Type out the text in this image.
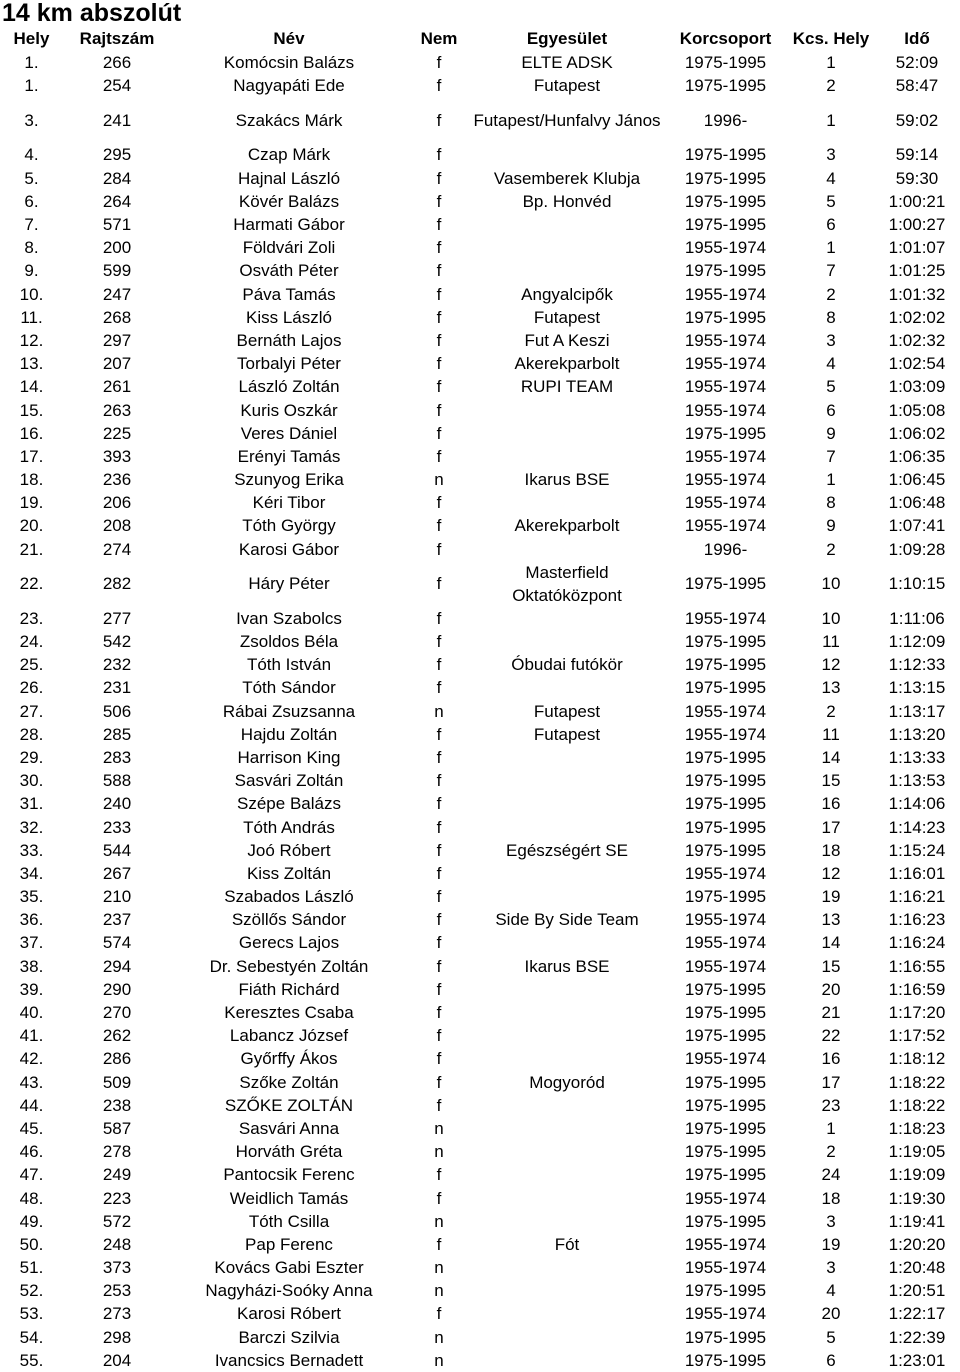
14 km abszolút
Hely	Rajtszám	Név	Nem	Egyesület	Korcsoport	Kcs. Hely	Idő
1.	266	Komócsin Balázs	f	ELTE ADSK	1975-1995	1	52:09
1.	254	Nagyapáti Ede	f	Futapest	1975-1995	2	58:47
3.	241	Szakács Márk	f	Futapest/Hunfalvy János	1996-	1	59:02
4.	295	Czap Márk	f		1975-1995	3	59:14
5.	284	Hajnal László	f	Vasemberek Klubja	1975-1995	4	59:30
6.	264	Kövér Balázs	f	Bp. Honvéd	1975-1995	5	1:00:21
7.	571	Harmati Gábor	f		1975-1995	6	1:00:27
8.	200	Földvári Zoli	f		1955-1974	1	1:01:07
9.	599	Osváth Péter	f		1975-1995	7	1:01:25
10.	247	Páva Tamás	f	Angyalcipők	1955-1974	2	1:01:32
11.	268	Kiss László	f	Futapest	1975-1995	8	1:02:02
12.	297	Bernáth Lajos	f	Fut A Keszi	1955-1974	3	1:02:32
13.	207	Torbalyi Péter	f	Akerekparbolt	1955-1974	4	1:02:54
14.	261	László Zoltán	f	RUPI TEAM	1955-1974	5	1:03:09
15.	263	Kuris Oszkár	f		1955-1974	6	1:05:08
16.	225	Veres Dániel	f		1975-1995	9	1:06:02
17.	393	Erényi Tamás	f		1955-1974	7	1:06:35
18.	236	Szunyog Erika	n	Ikarus BSE	1955-1974	1	1:06:45
19.	206	Kéri Tibor	f		1955-1974	8	1:06:48
20.	208	Tóth György	f	Akerekparbolt	1955-1974	9	1:07:41
21.	274	Karosi Gábor	f		1996-	2	1:09:28
22.	282	Háry Péter	f	Masterfield Oktatóközpont	1975-1995	10	1:10:15
23.	277	Ivan Szabolcs	f		1955-1974	10	1:11:06
24.	542	Zsoldos Béla	f		1975-1995	11	1:12:09
25.	232	Tóth István	f	Óbudai futókör	1975-1995	12	1:12:33
26.	231	Tóth Sándor	f		1975-1995	13	1:13:15
27.	506	Rábai Zsuzsanna	n	Futapest	1955-1974	2	1:13:17
28.	285	Hajdu Zoltán	f	Futapest	1955-1974	11	1:13:20
29.	283	Harrison King	f		1975-1995	14	1:13:33
30.	588	Sasvári Zoltán	f		1975-1995	15	1:13:53
31.	240	Szépe Balázs	f		1975-1995	16	1:14:06
32.	233	Tóth András	f		1975-1995	17	1:14:23
33.	544	Joó Róbert	f	Egészségért SE	1975-1995	18	1:15:24
34.	267	Kiss Zoltán	f		1955-1974	12	1:16:01
35.	210	Szabados László	f		1975-1995	19	1:16:21
36.	237	Szöllős Sándor	f	Side By Side Team	1955-1974	13	1:16:23
37.	574	Gerecs Lajos	f		1955-1974	14	1:16:24
38.	294	Dr. Sebestyén Zoltán	f	Ikarus BSE	1955-1974	15	1:16:55
39.	290	Fiáth Richárd	f		1975-1995	20	1:16:59
40.	270	Keresztes Csaba	f		1975-1995	21	1:17:20
41.	262	Labancz József	f		1975-1995	22	1:17:52
42.	286	Győrffy Ákos	f		1955-1974	16	1:18:12
43.	509	Szőke Zoltán	f	Mogyoród	1975-1995	17	1:18:22
44.	238	SZŐKE ZOLTÁN	f		1975-1995	23	1:18:22
45.	587	Sasvári Anna	n		1975-1995	1	1:18:23
46.	278	Horváth Gréta	n		1975-1995	2	1:19:05
47.	249	Pantocsik Ferenc	f		1975-1995	24	1:19:09
48.	223	Weidlich Tamás	f		1955-1974	18	1:19:30
49.	572	Tóth Csilla	n		1975-1995	3	1:19:41
50.	248	Pap Ferenc	f	Fót	1955-1974	19	1:20:20
51.	373	Kovács Gabi Eszter	n		1955-1974	3	1:20:48
52.	253	Nagyházi-Soóky Anna	n		1975-1995	4	1:20:51
53.	273	Karosi Róbert	f		1955-1974	20	1:22:17
54.	298	Barczi Szilvia	n		1975-1995	5	1:22:39
55.	204	Ivancsics Bernadett	n		1975-1995	6	1:23:01
